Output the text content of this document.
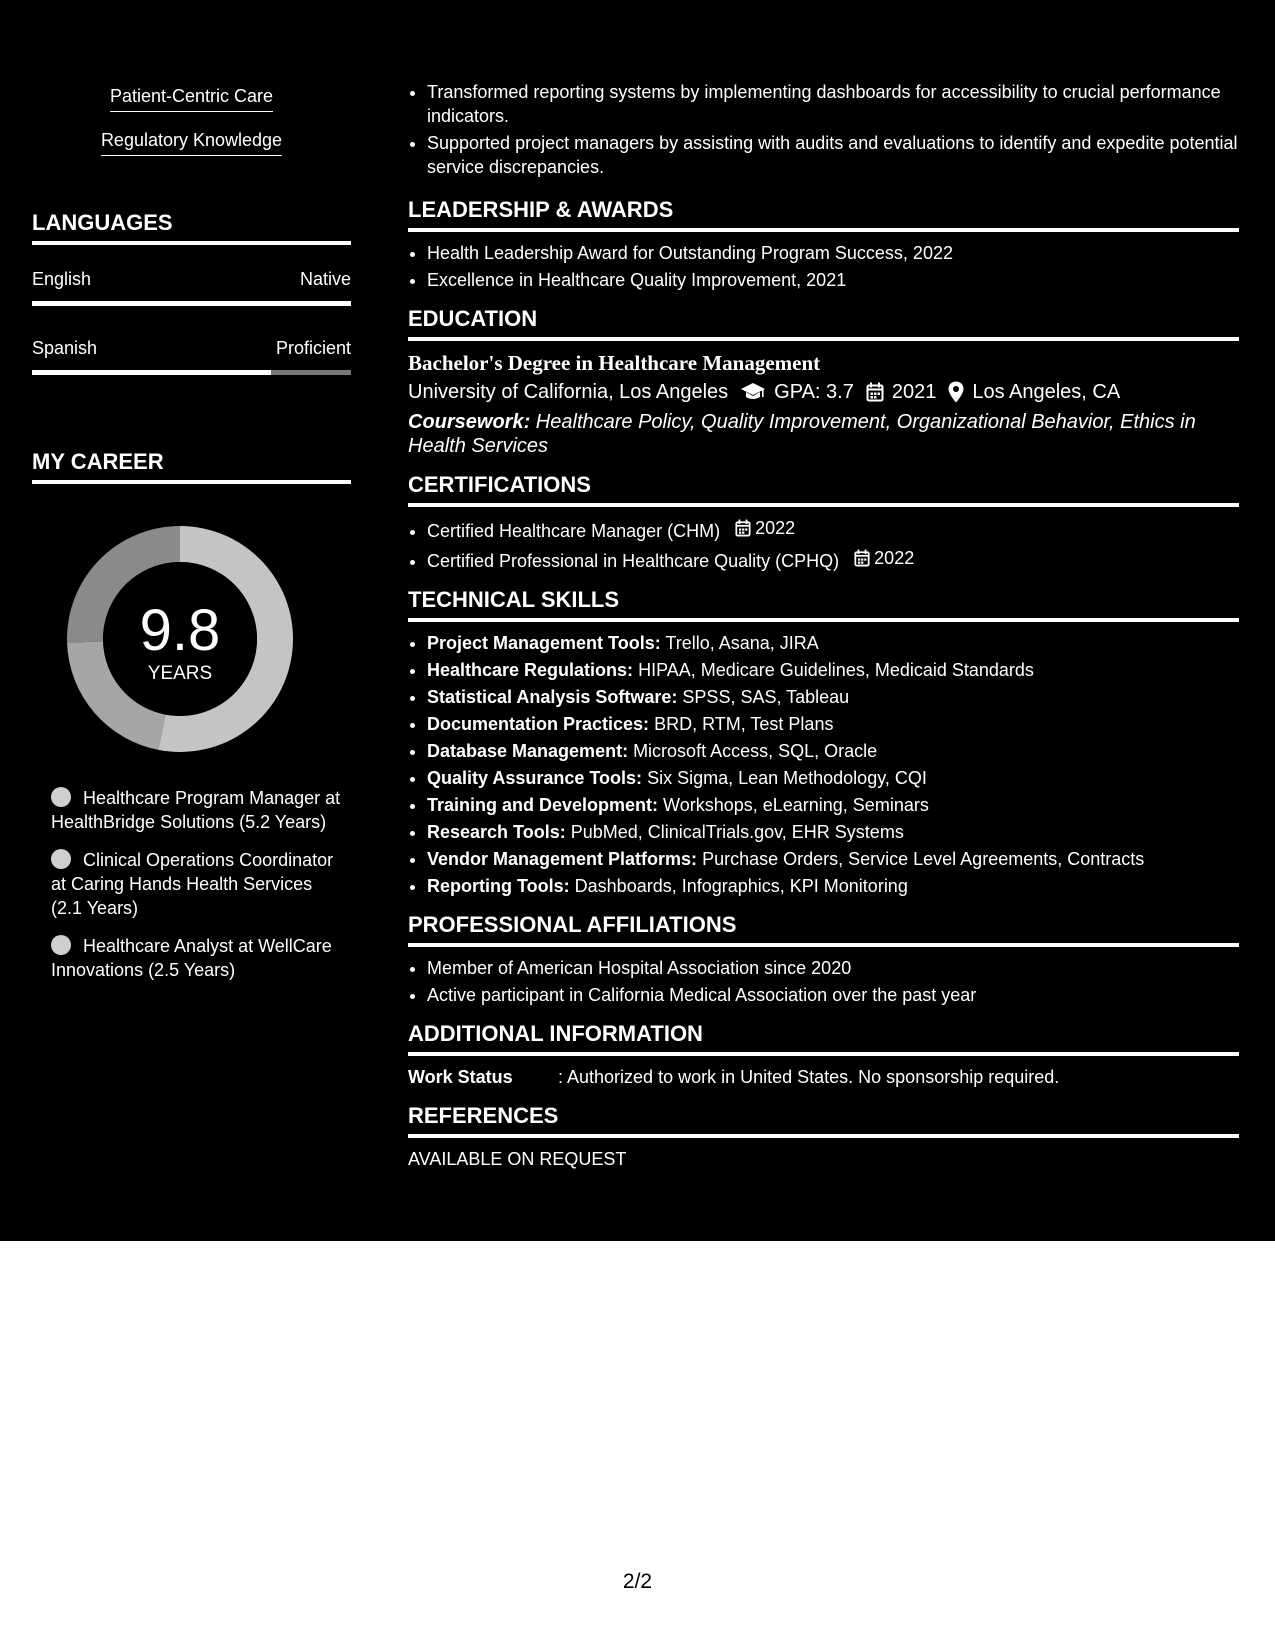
Patient-Centric Care
Regulatory Knowledge
LANGUAGES
English	Native
Spanish	Proficient
MY CAREER
9.8
YEARS
Healthcare Program Manager at HealthBridge Solutions (5.2 Years)
Clinical Operations Coordinator at Caring Hands Health Services (2.1 Years)
Healthcare Analyst at WellCare Innovations (2.5 Years)
• Transformed reporting systems by implementing dashboards for accessibility to crucial performance indicators.
• Supported project managers by assisting with audits and evaluations to identify and expedite potential service discrepancies.
LEADERSHIP & AWARDS
• Health Leadership Award for Outstanding Program Success, 2022
• Excellence in Healthcare Quality Improvement, 2021
EDUCATION
Bachelor's Degree in Healthcare Management
University of California, Los Angeles GPA: 3.7 2021 Los Angeles, CA
Coursework: Healthcare Policy, Quality Improvement, Organizational Behavior, Ethics in Health Services
CERTIFICATIONS
• Certified Healthcare Manager (CHM) 2022
• Certified Professional in Healthcare Quality (CPHQ) 2022
TECHNICAL SKILLS
• Project Management Tools: Trello, Asana, JIRA
• Healthcare Regulations: HIPAA, Medicare Guidelines, Medicaid Standards
• Statistical Analysis Software: SPSS, SAS, Tableau
• Documentation Practices: BRD, RTM, Test Plans
• Database Management: Microsoft Access, SQL, Oracle
• Quality Assurance Tools: Six Sigma, Lean Methodology, CQI
• Training and Development: Workshops, eLearning, Seminars
• Research Tools: PubMed, ClinicalTrials.gov, EHR Systems
• Vendor Management Platforms: Purchase Orders, Service Level Agreements, Contracts
• Reporting Tools: Dashboards, Infographics, KPI Monitoring
PROFESSIONAL AFFILIATIONS
• Member of American Hospital Association since 2020
• Active participant in California Medical Association over the past year
ADDITIONAL INFORMATION
Work Status	: Authorized to work in United States. No sponsorship required.
REFERENCES
AVAILABLE ON REQUEST
2/2
